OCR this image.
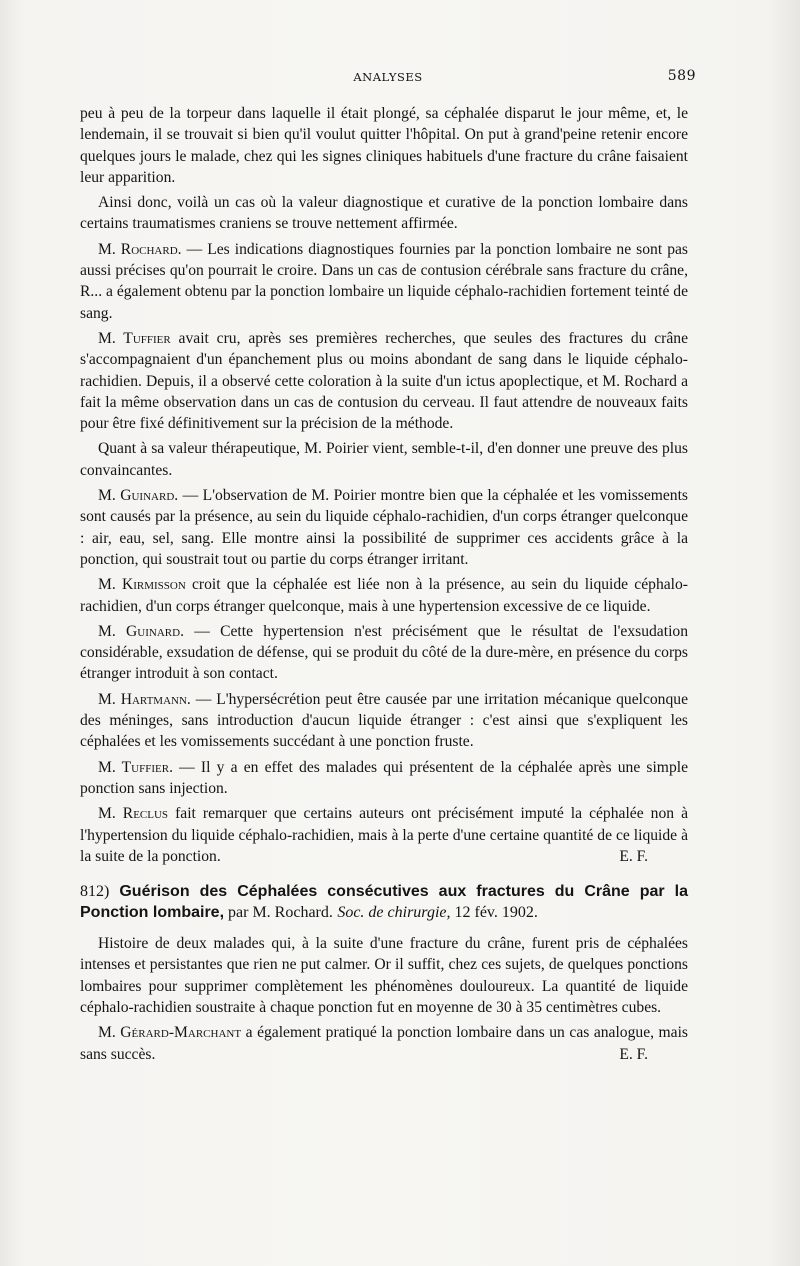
ANALYSES	589

peu à peu de la torpeur dans laquelle il était plongé, sa céphalée disparut le jour même, et, le lendemain, il se trouvait si bien qu'il voulut quitter l'hôpital. On put à grand'peine retenir encore quelques jours le malade, chez qui les signes cliniques habituels d'une fracture du crâne faisaient leur apparition.

Ainsi donc, voilà un cas où la valeur diagnostique et curative de la ponction lombaire dans certains traumatismes craniens se trouve nettement affirmée.

M. Rochard. — Les indications diagnostiques fournies par la ponction lombaire ne sont pas aussi précises qu'on pourrait le croire. Dans un cas de contusion cérébrale sans fracture du crâne, R... a également obtenu par la ponction lombaire un liquide céphalo-rachidien fortement teinté de sang.

M. Tuffier avait cru, après ses premières recherches, que seules des fractures du crâne s'accompagnaient d'un épanchement plus ou moins abondant de sang dans le liquide céphalo-rachidien. Depuis, il a observé cette coloration à la suite d'un ictus apoplectique, et M. Rochard a fait la même observation dans un cas de contusion du cerveau. Il faut attendre de nouveaux faits pour être fixé définitivement sur la précision de la méthode.

Quant à sa valeur thérapeutique, M. Poirier vient, semble-t-il, d'en donner une preuve des plus convaincantes.

M. Guinard. — L'observation de M. Poirier montre bien que la céphalée et les vomissements sont causés par la présence, au sein du liquide céphalo-rachidien, d'un corps étranger quelconque : air, eau, sel, sang. Elle montre ainsi la possibilité de supprimer ces accidents grâce à la ponction, qui soustrait tout ou partie du corps étranger irritant.

M. Kirmisson croit que la céphalée est liée non à la présence, au sein du liquide céphalo-rachidien, d'un corps étranger quelconque, mais à une hypertension excessive de ce liquide.

M. Guinard. — Cette hypertension n'est précisément que le résultat de l'exsudation considérable, exsudation de défense, qui se produit du côté de la dure-mère, en présence du corps étranger introduit à son contact.

M. Hartmann. — L'hypersécrétion peut être causée par une irritation mécanique quelconque des méninges, sans introduction d'aucun liquide étranger : c'est ainsi que s'expliquent les céphalées et les vomissements succédant à une ponction fruste.

M. Tuffier. — Il y a en effet des malades qui présentent de la céphalée après une simple ponction sans injection.

M. Reclus fait remarquer que certains auteurs ont précisément imputé la céphalée non à l'hypertension du liquide céphalo-rachidien, mais à la perte d'une certaine quantité de ce liquide à la suite de la ponction.	E. F.

812) Guérison des Céphalées consécutives aux fractures du Crâne par la Ponction lombaire, par M. Rochard. Soc. de chirurgie, 12 fév. 1902.

Histoire de deux malades qui, à la suite d'une fracture du crâne, furent pris de céphalées intenses et persistantes que rien ne put calmer. Or il suffit, chez ces sujets, de quelques ponctions lombaires pour supprimer complètement les phénomènes douloureux. La quantité de liquide céphalo-rachidien soustraite à chaque ponction fut en moyenne de 30 à 35 centimètres cubes.

M. Gérard-Marchant a également pratiqué la ponction lombaire dans un cas analogue, mais sans succès.	E. F.
